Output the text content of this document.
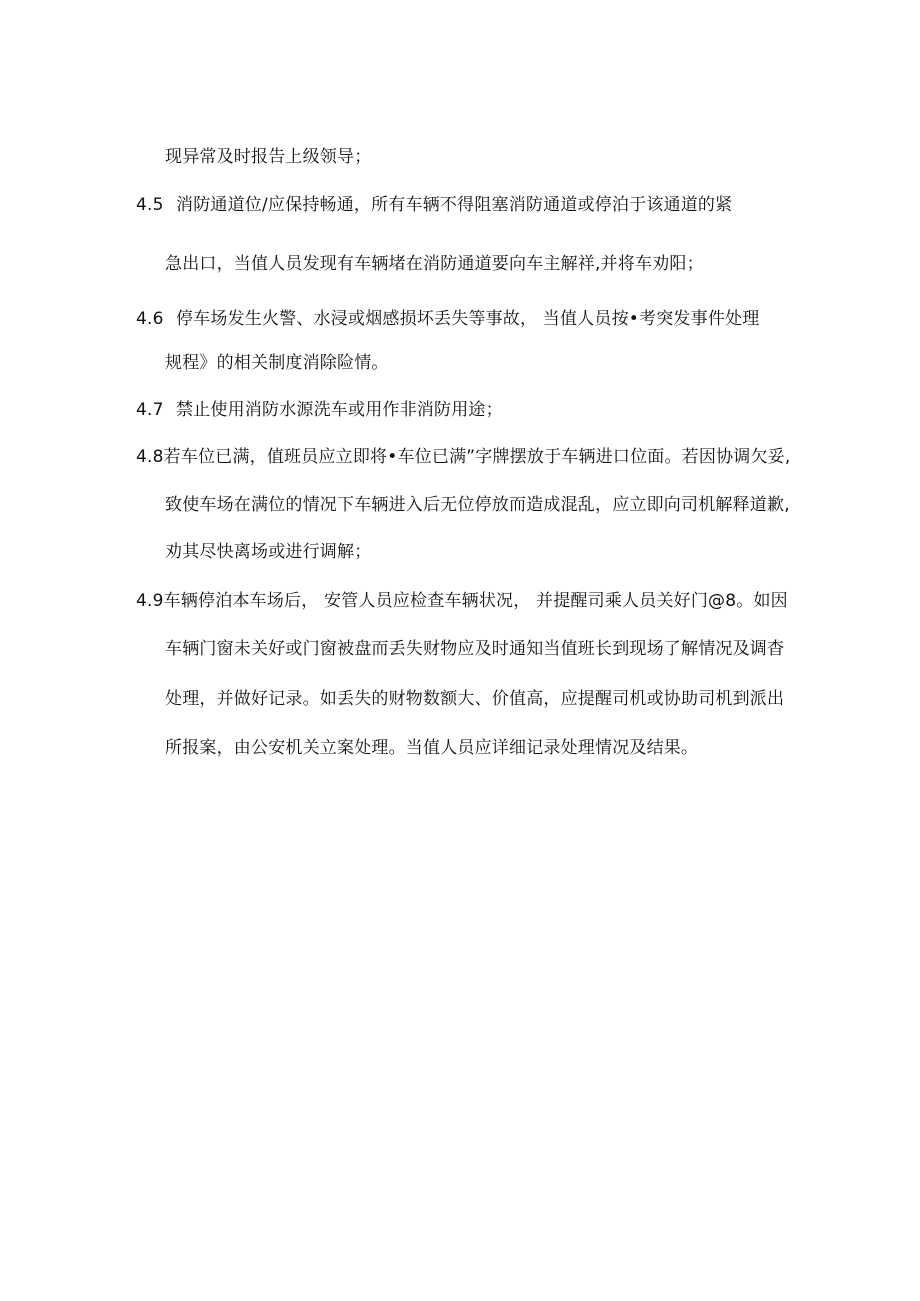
现异常及时报告上级领导；
4.5 消防通道位/应保持畅通，所有车辆不得阻塞消防通道或停泊于该通道的紧
急出口，当值人员发现有车辆堵在消防通道要向车主解祥,并将车劝阳；
4.6 停车场发生火警、水浸或烟感损坏丢失等事故， 当值人员按•考突发事件处理
规程》的相关制度消除险情。
4.7 禁止使用消防水源洗车或用作非消防用途；
4.8若车位已满，值班员应立即将•车位已满”字牌摆放于车辆进口位面。若因协调欠妥,
致使车场在满位的情况下车辆进入后无位停放而造成混乱，应立即向司机解释道歉,
劝其尽快离场或进行调解；
4.9车辆停泊本车场后， 安管人员应检查车辆状况， 并提醒司乘人员关好门@8。如因
车辆门窗未关好或门窗被盘而丢失财物应及时通知当值班长到现场了解情况及调杳
处理，并做好记录。如丢失的财物数额大、价值高，应提醒司机或协助司机到派出
所报案，由公安机关立案处理。当值人员应详细记录处理情况及结果。
